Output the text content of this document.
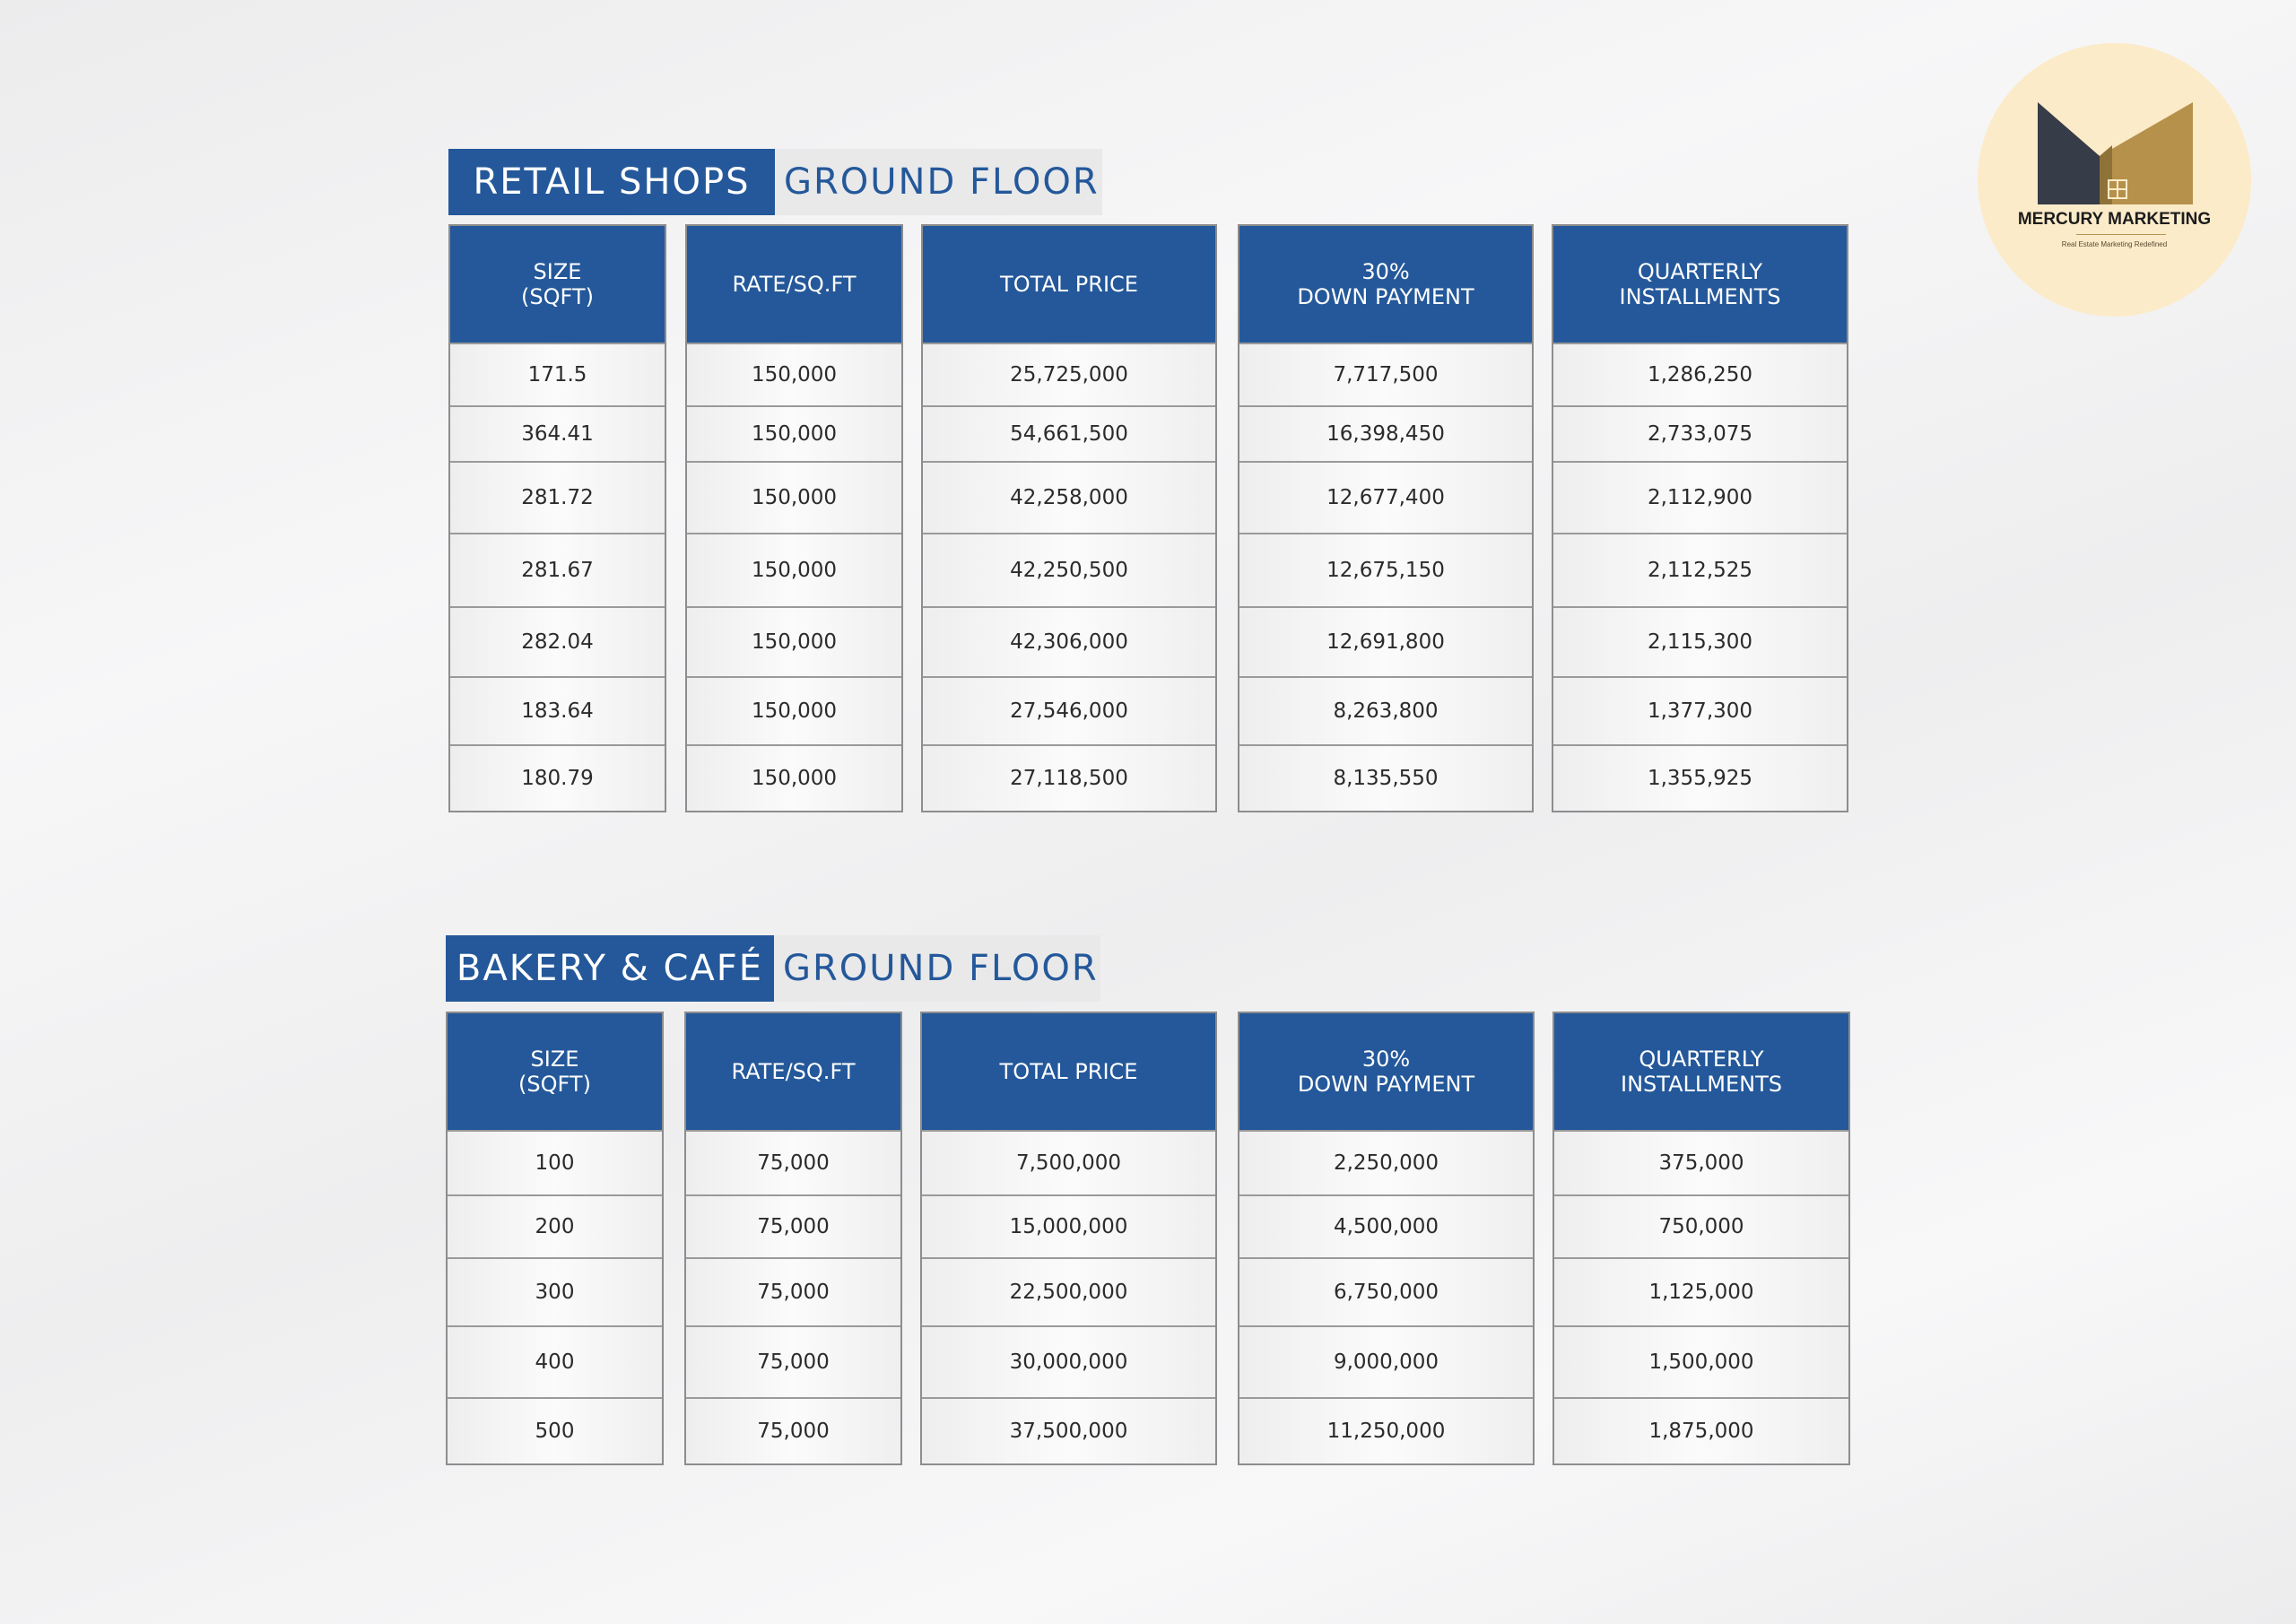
MERCURY MARKETING
Real Estate Marketing Redefined
RETAIL SHOPS GROUND FLOOR
SIZE
(SQFT)
171.5
364.41
281.72
281.67
282.04
183.64
180.79
RATE/SQ.FT
150,000
150,000
150,000
150,000
150,000
150,000
150,000
TOTAL PRICE
25,725,000
54,661,500
42,258,000
42,250,500
42,306,000
27,546,000
27,118,500
30%
DOWN PAYMENT
7,717,500
16,398,450
12,677,400
12,675,150
12,691,800
8,263,800
8,135,550
QUARTERLY
INSTALLMENTS
1,286,250
2,733,075
2,112,900
2,112,525
2,115,300
1,377,300
1,355,925
BAKERY & CAFÉ GROUND FLOOR
SIZE
(SQFT)
100
200
300
400
500
RATE/SQ.FT
75,000
75,000
75,000
75,000
75,000
TOTAL PRICE
7,500,000
15,000,000
22,500,000
30,000,000
37,500,000
30%
DOWN PAYMENT
2,250,000
4,500,000
6,750,000
9,000,000
11,250,000
QUARTERLY
INSTALLMENTS
375,000
750,000
1,125,000
1,500,000
1,875,000
